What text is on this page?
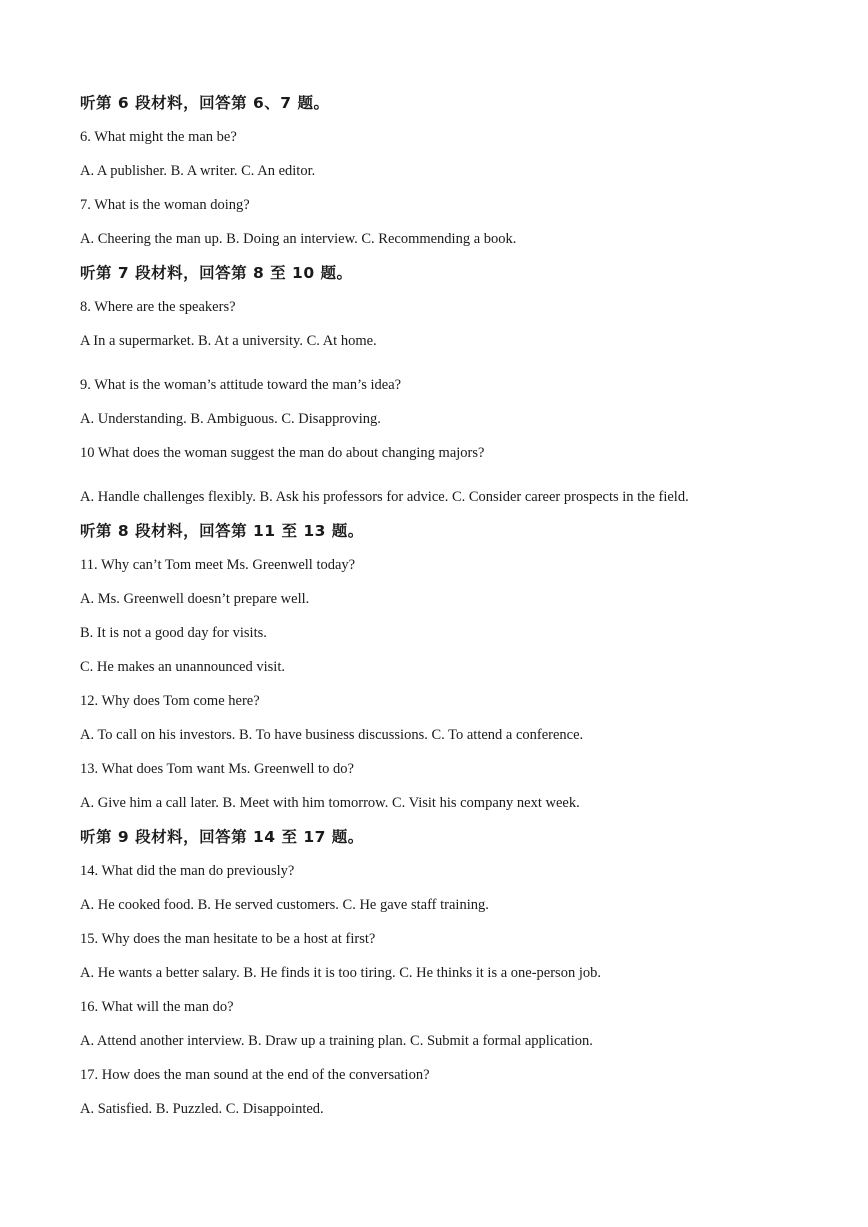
听第 6 段材料，回答第 6、7 题。
6. What might the man be?
A. A publisher. B. A writer. C. An editor.
7. What is the woman doing?
A. Cheering the man up. B. Doing an interview. C. Recommending a book.
听第 7 段材料，回答第 8 至 10 题。
8. Where are the speakers?
A In a supermarket. B. At a university. C. At home.
9. What is the woman’s attitude toward the man’s idea?
A. Understanding. B. Ambiguous. C. Disapproving.
10 What does the woman suggest the man do about changing majors?
A. Handle challenges flexibly. B. Ask his professors for advice. C. Consider career prospects in the field.
听第 8 段材料，回答第 11 至 13 题。
11. Why can’t Tom meet Ms. Greenwell today?
A. Ms. Greenwell doesn’t prepare well.
B. It is not a good day for visits.
C. He makes an unannounced visit.
12. Why does Tom come here?
A. To call on his investors. B. To have business discussions. C. To attend a conference.
13. What does Tom want Ms. Greenwell to do?
A. Give him a call later. B. Meet with him tomorrow. C. Visit his company next week.
听第 9 段材料，回答第 14 至 17 题。
14. What did the man do previously?
A. He cooked food. B. He served customers. C. He gave staff training.
15. Why does the man hesitate to be a host at first?
A. He wants a better salary. B. He finds it is too tiring. C. He thinks it is a one-person job.
16. What will the man do?
A. Attend another interview. B. Draw up a training plan. C. Submit a formal application.
17. How does the man sound at the end of the conversation?
A. Satisfied. B. Puzzled. C. Disappointed.
